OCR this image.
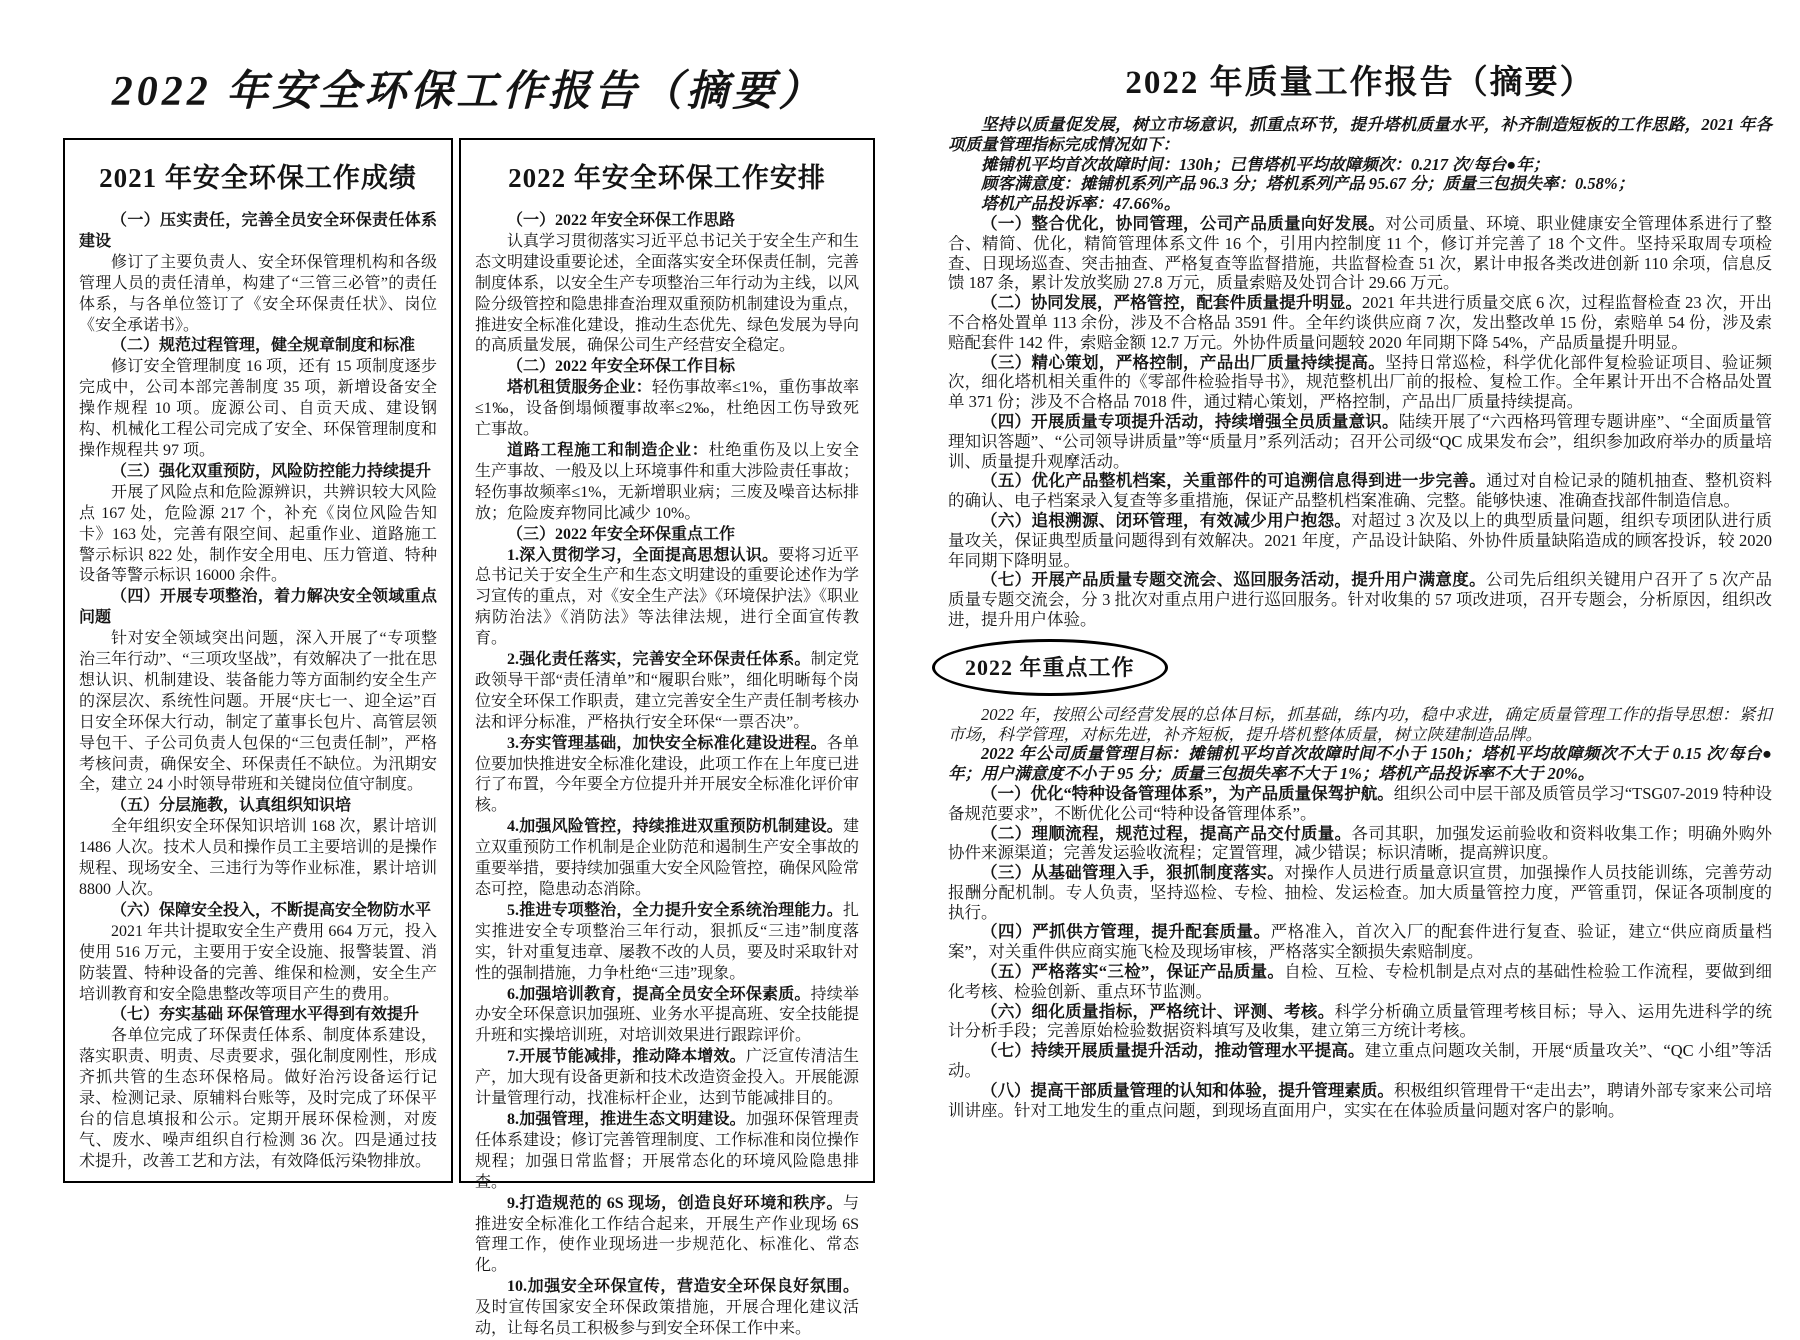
2022 年安全环保工作报告（摘要）
2021 年安全环保工作成绩

（一）压实责任，完善全员安全环保责任体系建设

修订了主要负责人、安全环保管理机构和各级管理人员的责任清单，构建了“三管三必管”的责任体系，与各单位签订了《安全环保责任状》、岗位《安全承诺书》。

（二）规范过程管理，健全规章制度和标准

修订安全管理制度 16 项，还有 15 项制度逐步完成中，公司本部完善制度 35 项，新增设备安全操作规程 10 项。庞源公司、自贡天成、建设钢构、机械化工程公司完成了安全、环保管理制度和操作规程共 97 项。

（三）强化双重预防，风险防控能力持续提升

开展了风险点和危险源辨识，共辨识较大风险点 167 处，危险源 217 个，补充《岗位风险告知卡》163 处，完善有限空间、起重作业、道路施工警示标识 822 处，制作安全用电、压力管道、特种设备等警示标识 16000 余件。

（四）开展专项整治，着力解决安全领域重点问题

针对安全领域突出问题，深入开展了“专项整治三年行动”、“三项攻坚战”，有效解决了一批在思想认识、机制建设、装备能力等方面制约安全生产的深层次、系统性问题。开展“庆七一、迎全运”百日安全环保大行动，制定了董事长包片、高管层领导包干、子公司负责人包保的“三包责任制”，严格考核问责，确保安全、环保责任不缺位。为汛期安全，建立 24 小时领导带班和关键岗位值守制度。

（五）分层施教，认真组织知识培

全年组织安全环保知识培训 168 次，累计培训 1486 人次。技术人员和操作员工主要培训的是操作规程、现场安全、三违行为等作业标准，累计培训 8800 人次。

（六）保障安全投入，不断提高安全物防水平

2021 年共计提取安全生产费用 664 万元，投入使用 516 万元，主要用于安全设施、报警装置、消防装置、特种设备的完善、维保和检测，安全生产培训教育和安全隐患整改等项目产生的费用。

（七）夯实基础 环保管理水平得到有效提升

各单位完成了环保责任体系、制度体系建设，落实职责、明责、尽责要求，强化制度刚性，形成齐抓共管的生态环保格局。做好治污设备运行记录、检测记录、原辅料台账等，及时完成了环保平台的信息填报和公示。定期开展环保检测，对废气、废水、噪声组织自行检测 36 次。四是通过技术提升，改善工艺和方法，有效降低污染物排放。

2022 年安全环保工作安排

（一）2022 年安全环保工作思路

认真学习贯彻落实习近平总书记关于安全生产和生态文明建设重要论述，全面落实安全环保责任制，完善制度体系，以安全生产专项整治三年行动为主线，以风险分级管控和隐患排查治理双重预防机制建设为重点，推进安全标准化建设，推动生态优先、绿色发展为导向的高质量发展，确保公司生产经营安全稳定。

（二）2022 年安全环保工作目标

塔机租赁服务企业：轻伤事故率≤1%，重伤事故率≤1‰，设备倒塌倾覆事故率≤2‰，杜绝因工伤导致死亡事故。

道路工程施工和制造企业：杜绝重伤及以上安全生产事故、一般及以上环境事件和重大涉险责任事故；轻伤事故频率≤1%，无新增职业病；三废及噪音达标排放；危险废弃物同比减少 10%。

（三）2022 年安全环保重点工作

1.深入贯彻学习，全面提高思想认识。要将习近平总书记关于安全生产和生态文明建设的重要论述作为学习宣传的重点，对《安全生产法》《环境保护法》《职业病防治法》《消防法》等法律法规，进行全面宣传教育。

2.强化责任落实，完善安全环保责任体系。制定党政领导干部“责任清单”和“履职台账”，细化明晰每个岗位安全环保工作职责，建立完善安全生产责任制考核办法和评分标准，严格执行安全环保“一票否决”。

3.夯实管理基础，加快安全标准化建设进程。各单位要加快推进安全标准化建设，此项工作在上年度已进行了布置，今年要全方位提升并开展安全标准化评价审核。

4.加强风险管控，持续推进双重预防机制建设。建立双重预防工作机制是企业防范和遏制生产安全事故的重要举措，要持续加强重大安全风险管控，确保风险常态可控，隐患动态消除。

5.推进专项整治，全力提升安全系统治理能力。扎实推进安全专项整治三年行动，狠抓反“三违”制度落实，针对重复违章、屡教不改的人员，要及时采取针对性的强制措施，力争杜绝“三违”现象。

6.加强培训教育，提高全员安全环保素质。持续举办安全环保意识加强班、业务水平提高班、安全技能提升班和实操培训班，对培训效果进行跟踪评价。

7.开展节能减排，推动降本增效。广泛宣传清洁生产，加大现有设备更新和技术改造资金投入。开展能源计量管理行动，找准标杆企业，达到节能减排目的。

8.加强管理，推进生态文明建设。加强环保管理责任体系建设；修订完善管理制度、工作标准和岗位操作规程；加强日常监督；开展常态化的环境风险隐患排查。

9.打造规范的 6S 现场，创造良好环境和秩序。与推进安全标准化工作结合起来，开展生产作业现场 6S 管理工作，使作业现场进一步规范化、标准化、常态化。

10.加强安全环保宣传，营造安全环保良好氛围。及时宣传国家安全环保政策措施，开展合理化建议活动，让每名员工积极参与到安全环保工作中来。

2022 年质量工作报告（摘要）

坚持以质量促发展，树立市场意识，抓重点环节，提升塔机质量水平，补齐制造短板的工作思路，2021 年各项质量管理指标完成情况如下：

摊铺机平均首次故障时间：130h；已售塔机平均故障频次：0.217 次/每台●年；

顾客满意度：摊铺机系列产品 96.3 分；塔机系列产品 95.67 分；质量三包损失率：0.58%；

塔机产品投诉率：47.66%。

（一）整合优化，协同管理，公司产品质量向好发展。对公司质量、环境、职业健康安全管理体系进行了整合、精简、优化，精简管理体系文件 16 个，引用内控制度 11 个，修订并完善了 18 个文件。坚持采取周专项检查、日现场巡查、突击抽查、严格复查等监督措施，共监督检查 51 次，累计申报各类改进创新 110 余项，信息反馈 187 条，累计发放奖励 27.8 万元，质量索赔及处罚合计 29.66 万元。

（二）协同发展，严格管控，配套件质量提升明显。2021 年共进行质量交底 6 次，过程监督检查 23 次，开出不合格处置单 113 余份，涉及不合格品 3591 件。全年约谈供应商 7 次，发出整改单 15 份，索赔单 54 份，涉及索赔配套件 142 件，索赔金额 12.7 万元。外协件质量问题较 2020 年同期下降 54%，产品质量提升明显。

（三）精心策划，严格控制，产品出厂质量持续提高。坚持日常巡检，科学优化部件复检验证项目、验证频次，细化塔机相关重件的《零部件检验指导书》，规范整机出厂前的报检、复检工作。全年累计开出不合格品处置单 371 份；涉及不合格品 7018 件，通过精心策划，严格控制，产品出厂质量持续提高。

（四）开展质量专项提升活动，持续增强全员质量意识。陆续开展了“六西格玛管理专题讲座”、“全面质量管理知识答题”、“公司领导讲质量”等“质量月”系列活动；召开公司级“QC 成果发布会”，组织参加政府举办的质量培训、质量提升观摩活动。

（五）优化产品整机档案，关重部件的可追溯信息得到进一步完善。通过对自检记录的随机抽查、整机资料的确认、电子档案录入复查等多重措施，保证产品整机档案准确、完整。能够快速、准确查找部件制造信息。

（六）追根溯源、闭环管理，有效减少用户抱怨。对超过 3 次及以上的典型质量问题，组织专项团队进行质量攻关，保证典型质量问题得到有效解决。2021 年度，产品设计缺陷、外协件质量缺陷造成的顾客投诉，较 2020 年同期下降明显。

（七）开展产品质量专题交流会、巡回服务活动，提升用户满意度。公司先后组织关键用户召开了 5 次产品质量专题交流会，分 3 批次对重点用户进行巡回服务。针对收集的 57 项改进项，召开专题会，分析原因，组织改进，提升用户体验。

2022 年重点工作

2022 年，按照公司经营发展的总体目标，抓基础，练内功，稳中求进，确定质量管理工作的指导思想：紧扣市场，科学管理，对标先进，补齐短板，提升塔机整体质量，树立陕建制造品牌。

2022 年公司质量管理目标：摊铺机平均首次故障时间不小于 150h；塔机平均故障频次不大于 0.15 次/每台●年；用户满意度不小于 95 分；质量三包损失率不大于 1%；塔机产品投诉率不大于 20%。

（一）优化“特种设备管理体系”，为产品质量保驾护航。组织公司中层干部及质管员学习“TSG07-2019 特种设备规范要求”，不断优化公司“特种设备管理体系”。

（二）理顺流程，规范过程，提高产品交付质量。各司其职，加强发运前验收和资料收集工作；明确外购外协件来源渠道；完善发运验收流程；定置管理，减少错误；标识清晰，提高辨识度。

（三）从基础管理入手，狠抓制度落实。对操作人员进行质量意识宣贯，加强操作人员技能训练，完善劳动报酬分配机制。专人负责，坚持巡检、专检、抽检、发运检查。加大质量管控力度，严管重罚，保证各项制度的执行。

（四）严抓供方管理，提升配套质量。严格准入，首次入厂的配套件进行复查、验证，建立“供应商质量档案”，对关重件供应商实施飞检及现场审核，严格落实全额损失索赔制度。

（五）严格落实“三检”，保证产品质量。自检、互检、专检机制是点对点的基础性检验工作流程，要做到细化考核、检验创新、重点环节监测。

（六）细化质量指标，严格统计、评测、考核。科学分析确立质量管理考核目标；导入、运用先进科学的统计分析手段；完善原始检验数据资料填写及收集，建立第三方统计考核。

（七）持续开展质量提升活动，推动管理水平提高。建立重点问题攻关制，开展“质量攻关”、“QC 小组”等活动。

（八）提高干部质量管理的认知和体验，提升管理素质。积极组织管理骨干“走出去”，聘请外部专家来公司培训讲座。针对工地发生的重点问题，到现场直面用户，实实在在体验质量问题对客户的影响。
